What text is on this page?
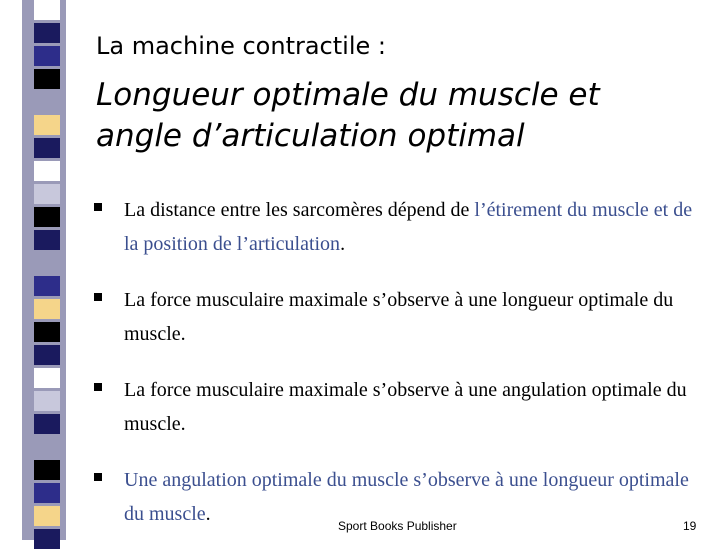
La machine contractile :
Longueur optimale du muscle et
angle d’articulation optimal
La distance entre les sarcomères dépend de l’étirement du muscle et de la position de l’articulation.
La force musculaire maximale s’observe à une longueur optimale du muscle.
La force musculaire maximale s’observe à une angulation optimale du muscle.
Une angulation optimale du muscle s’observe à une longueur optimale du muscle.
Sport Books Publisher	19
